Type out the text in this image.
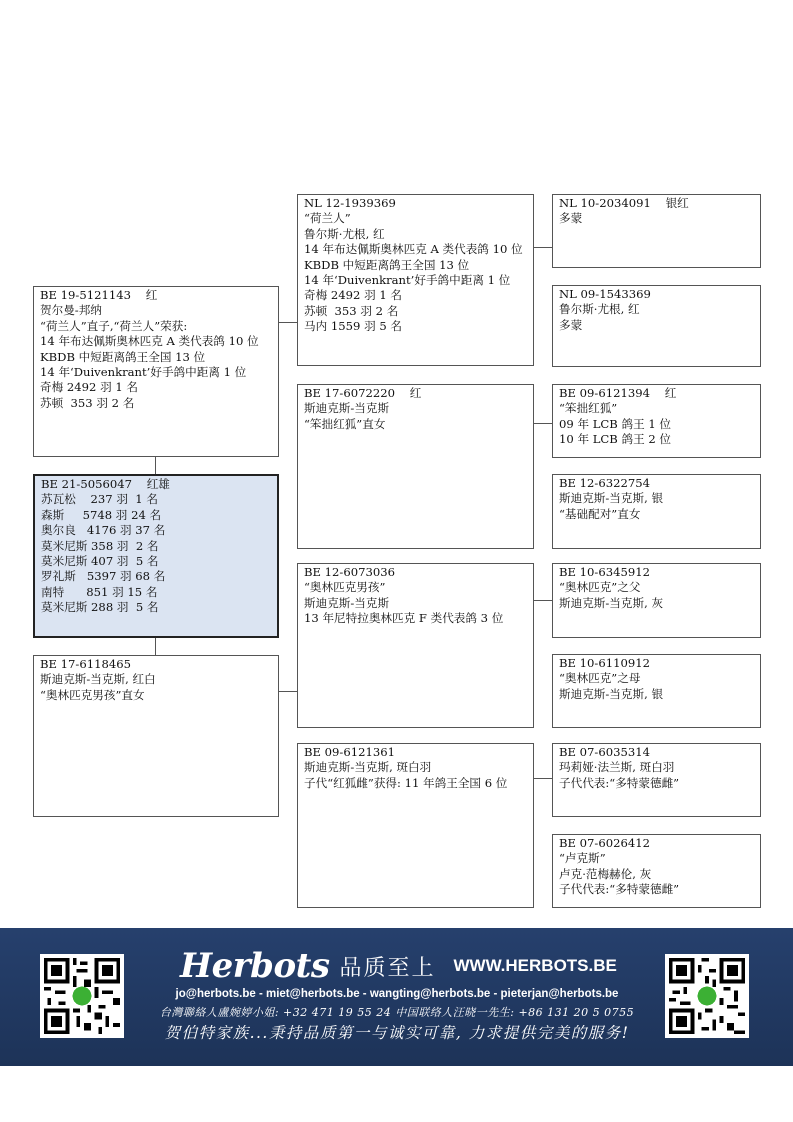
BE 19-5121143    红
贺尔曼-邦纳
“荷兰人”直子,“荷兰人”荣获:
14 年布达佩斯奥林匹克 A 类代表鸽 10 位
KBDB 中短距离鸽王全国 13 位
14 年‘Duivenkrant’好手鸽中距离 1 位
奇梅 2492 羽 1 名
苏顿  353 羽 2 名
BE 21-5056047    红雄
苏瓦松    237 羽  1 名
森斯     5748 羽 24 名
奥尔良   4176 羽 37 名
莫米尼斯 358 羽  2 名
莫米尼斯 407 羽  5 名
罗礼斯   5397 羽 68 名
南特      851 羽 15 名
莫米尼斯 288 羽  5 名
BE 17-6118465
斯迪克斯-当克斯, 红白
“奥林匹克男孩”直女
NL 12-1939369
“荷兰人”
鲁尔斯·尤根, 红
14 年布达佩斯奥林匹克 A 类代表鸽 10 位
KBDB 中短距离鸽王全国 13 位
14 年‘Duivenkrant’好手鸽中距离 1 位
奇梅 2492 羽 1 名
苏顿  353 羽 2 名
马内 1559 羽 5 名
BE 17-6072220    红
斯迪克斯-当克斯
“笨拙红狐”直女
BE 12-6073036
“奥林匹克男孩”
斯迪克斯-当克斯
13 年尼特拉奥林匹克 F 类代表鸽 3 位
BE 09-6121361
斯迪克斯-当克斯, 斑白羽
子代“红狐雌”获得: 11 年鸽王全国 6 位
NL 10-2034091    银红
多蒙
NL 09-1543369
鲁尔斯·尤根, 红
多蒙
BE 09-6121394    红
“笨拙红狐”
09 年 LCB 鸽王 1 位
10 年 LCB 鸽王 2 位
BE 12-6322754
斯迪克斯-当克斯, 银
“基础配对”直女
BE 10-6345912
“奥林匹克”之父
斯迪克斯-当克斯, 灰
BE 10-6110912
“奥林匹克”之母
斯迪克斯-当克斯, 银
BE 07-6035314
玛莉娅·法兰斯, 斑白羽
子代代表:“多特蒙德雌”
BE 07-6026412
“卢克斯”
卢克·范梅赫伦, 灰
子代代表:“多特蒙德雌”
Herbots 品质至上 WWW.HERBOTS.BE
jo@herbots.be - miet@herbots.be - wangting@herbots.be - pieterjan@herbots.be
台灣聯絡人盧婉婷小姐: +32 471 19 55 24 中国联络人汪晓一先生: +86 131 20 5 0755
贺伯特家族...秉持品质第一与诚实可靠, 力求提供完美的服务!
